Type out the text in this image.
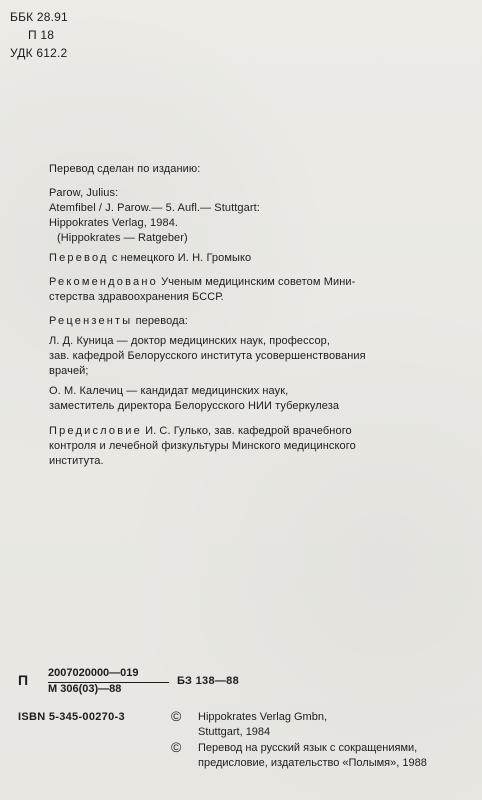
ББК 28.91
П 18
УДК 612.2

Перевод сделан по изданию:

Parow, Julius:

Atemfibel / J. Parow.— 5. Aufl.— Stuttgart:

Hippokrates Verlag, 1984.

(Hippokrates — Ratgeber)

Перевод с немецкого И. Н. Громыко

Рекомендовано Ученым медицинским советом Мини-

стерства здравоохранения БССР.

Рецензенты перевода:

Л. Д. Куница — доктор медицинских наук, профессор,

зав. кафедрой Белорусского института усовершенствования

врачей;

О. М. Калечиц — кандидат медицинских наук,

заместитель директора Белорусского НИИ туберкулеза

Предисловие И. С. Гулько, зав. кафедрой врачебного

контроля и лечебной физкультуры Минского медицинского

института.

П 2007020000—019
М 306(03)—88
БЗ 138—88
ISBN 5-345-00270-3	© Hippokrates Verlag Gmbn,
Stuttgart, 1984
© Перевод на русский язык с сокращениями,
предисловие, издательство «Полымя», 1988
